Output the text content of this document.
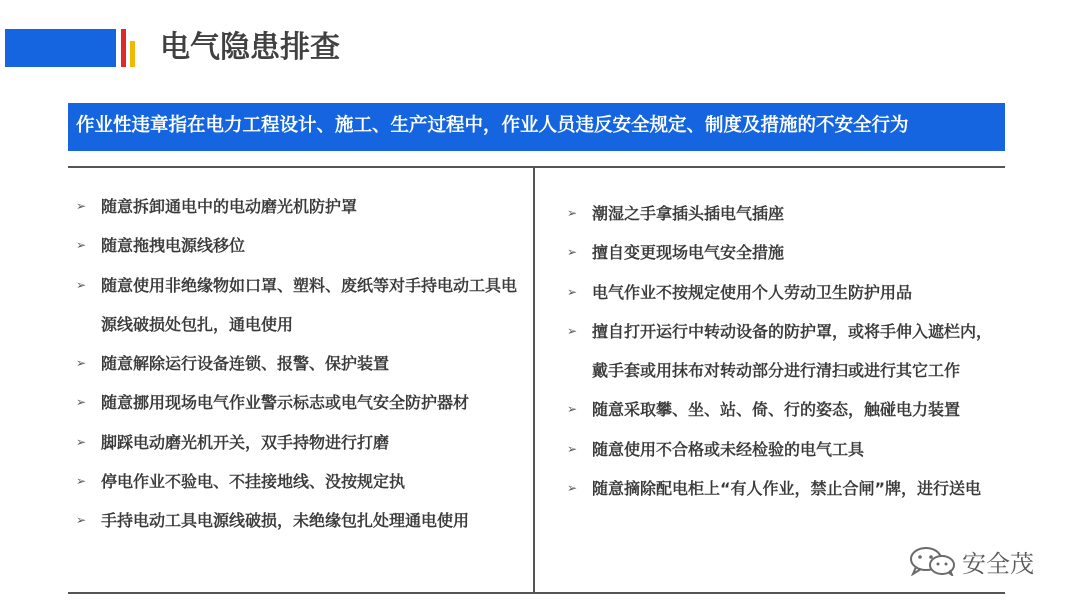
电气隐患排查
作业性违章指在电力工程设计、施工、生产过程中，作业人员违反安全规定、制度及措施的不安全行为
➢ 随意拆卸通电中的电动磨光机防护罩
➢ 随意拖拽电源线移位
➢ 随意使用非绝缘物如口罩、塑料、废纸等对手持电动工具电源线破损处包扎，通电使用
➢ 随意解除运行设备连锁、报警、保护装置
➢ 随意挪用现场电气作业警示标志或电气安全防护器材
➢ 脚踩电动磨光机开关，双手持物进行打磨
➢ 停电作业不验电、不挂接地线、没按规定执
➢ 手持电动工具电源线破损，未绝缘包扎处理通电使用
➢ 潮湿之手拿插头插电气插座
➢ 擅自变更现场电气安全措施
➢ 电气作业不按规定使用个人劳动卫生防护用品
➢ 擅自打开运行中转动设备的防护罩，或将手伸入遮栏内，戴手套或用抹布对转动部分进行清扫或进行其它工作
➢ 随意采取攀、坐、站、倚、行的姿态，触碰电力装置
➢ 随意使用不合格或未经检验的电气工具
➢ 随意摘除配电柜上“有人作业，禁止合闸”牌，进行送电
安全茂
